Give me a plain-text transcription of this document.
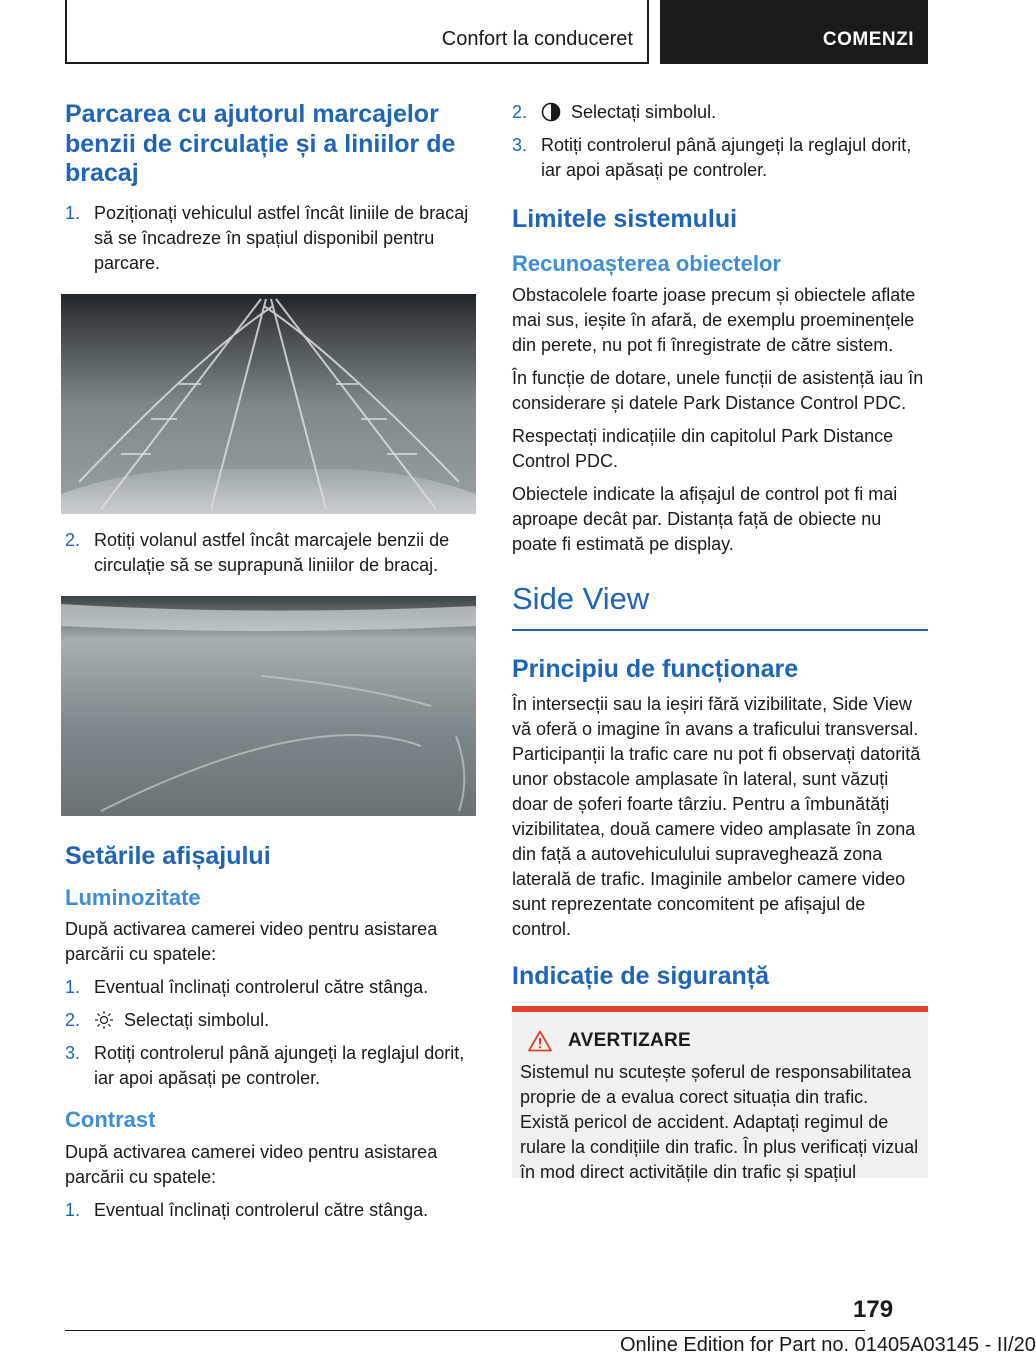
Confort la conduceret	COMENZI
Parcarea cu ajutorul marcajelor benzii de circulație și a liniilor de bracaj
1. Poziționați vehiculul astfel încât liniile de bracaj să se încadreze în spațiul disponibil pentru parcare.
2. Rotiți volanul astfel încât marcajele benzii de circulație să se suprapună liniilor de bracaj.
Setările afișajului
Luminozitate

După activarea camerei video pentru asistarea parcării cu spatele:

1. Eventual înclinați controlerul către stânga.
2. Selectați simbolul.
3. Rotiți controlerul până ajungeți la reglajul dorit, iar apoi apăsați pe controler.
Contrast

După activarea camerei video pentru asistarea parcării cu spatele:

1. Eventual înclinați controlerul către stânga.
2. Selectați simbolul.
3. Rotiți controlerul până ajungeți la reglajul dorit, iar apoi apăsați pe controler.
Limitele sistemului
Recunoașterea obiectelor

Obstacolele foarte joase precum și obiectele aflate mai sus, ieșite în afară, de exemplu proeminențele din perete, nu pot fi înregistrate de către sistem.

În funcție de dotare, unele funcții de asistență iau în considerare și datele Park Distance Control PDC.

Respectați indicațiile din capitolul Park Distance Control PDC.

Obiectele indicate la afișajul de control pot fi mai aproape decât par. Distanța față de obiecte nu poate fi estimată pe display.

Side View
Principiu de funcționare

În intersecții sau la ieșiri fără vizibilitate, Side View vă oferă o imagine în avans a traficului transversal. Participanții la trafic care nu pot fi observați datorită unor obstacole amplasate în lateral, sunt văzuți doar de șoferi foarte târziu. Pentru a îmbunătăți vizibilitatea, două camere video amplasate în zona din față a autovehiculului supraveghează zona laterală de trafic. Imaginile ambelor camere video sunt reprezentate concomitent pe afișajul de control.

Indicație de siguranță
AVERTIZARE

Sistemul nu scutește șoferul de responsabilitatea proprie de a evalua corect situația din trafic. Există pericol de accident. Adaptați regimul de rulare la condițiile din trafic. În plus verificați vizual în mod direct activitățile din trafic și spațiul

179
Online Edition for Part no. 01405A03145 - II/20
